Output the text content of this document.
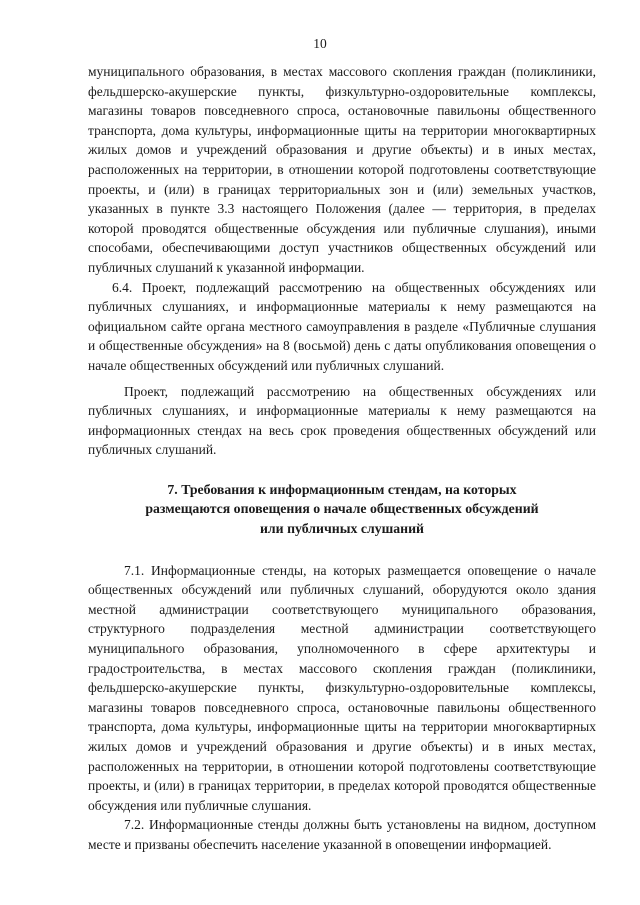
10

муниципального образования, в местах массового скопления граждан (поликлиники, фельдшерско-акушерские пункты, физкультурно-оздоровительные комплексы, магазины товаров повседневного спроса, остановочные павильоны общественного транспорта, дома культуры, информационные щиты на территории многоквартирных жилых домов и учреждений образования и другие объекты) и в иных местах, расположенных на территории, в отношении которой подготовлены соответствующие проекты, и (или) в границах территориальных зон и (или) земельных участков, указанных в пункте 3.3 настоящего Положения (далее — территория, в пределах которой проводятся общественные обсуждения или публичные слушания), иными способами, обеспечивающими доступ участников общественных обсуждений или публичных слушаний к указанной информации.

6.4. Проект, подлежащий рассмотрению на общественных обсуждениях или публичных слушаниях, и информационные материалы к нему размещаются на официальном сайте органа местного самоуправления в разделе «Публичные слушания и общественные обсуждения» на 8 (восьмой) день с даты опубликования оповещения о начале общественных обсуждений или публичных слушаний.

Проект, подлежащий рассмотрению на общественных обсуждениях или публичных слушаниях, и информационные материалы к нему размещаются на информационных стендах на весь срок проведения общественных обсуждений или публичных слушаний.

7. Требования к информационным стендам, на которых
размещаются оповещения о начале общественных обсуждений
или публичных слушаний

7.1. Информационные стенды, на которых размещается оповещение о начале общественных обсуждений или публичных слушаний, оборудуются около здания местной администрации соответствующего муниципального образования, структурного подразделения местной администрации соответствующего муниципального образования, уполномоченного в сфере архитектуры и градостроительства, в местах массового скопления граждан (поликлиники, фельдшерско-акушерские пункты, физкультурно-оздоровительные комплексы, магазины товаров повседневного спроса, остановочные павильоны общественного транспорта, дома культуры, информационные щиты на территории многоквартирных жилых домов и учреждений образования и другие объекты) и в иных местах, расположенных на территории, в отношении которой подготовлены соответствующие проекты, и (или) в границах территории, в пределах которой проводятся общественные обсуждения или публичные слушания.

7.2. Информационные стенды должны быть установлены на видном, доступном месте и призваны обеспечить население указанной в оповещении информацией.
